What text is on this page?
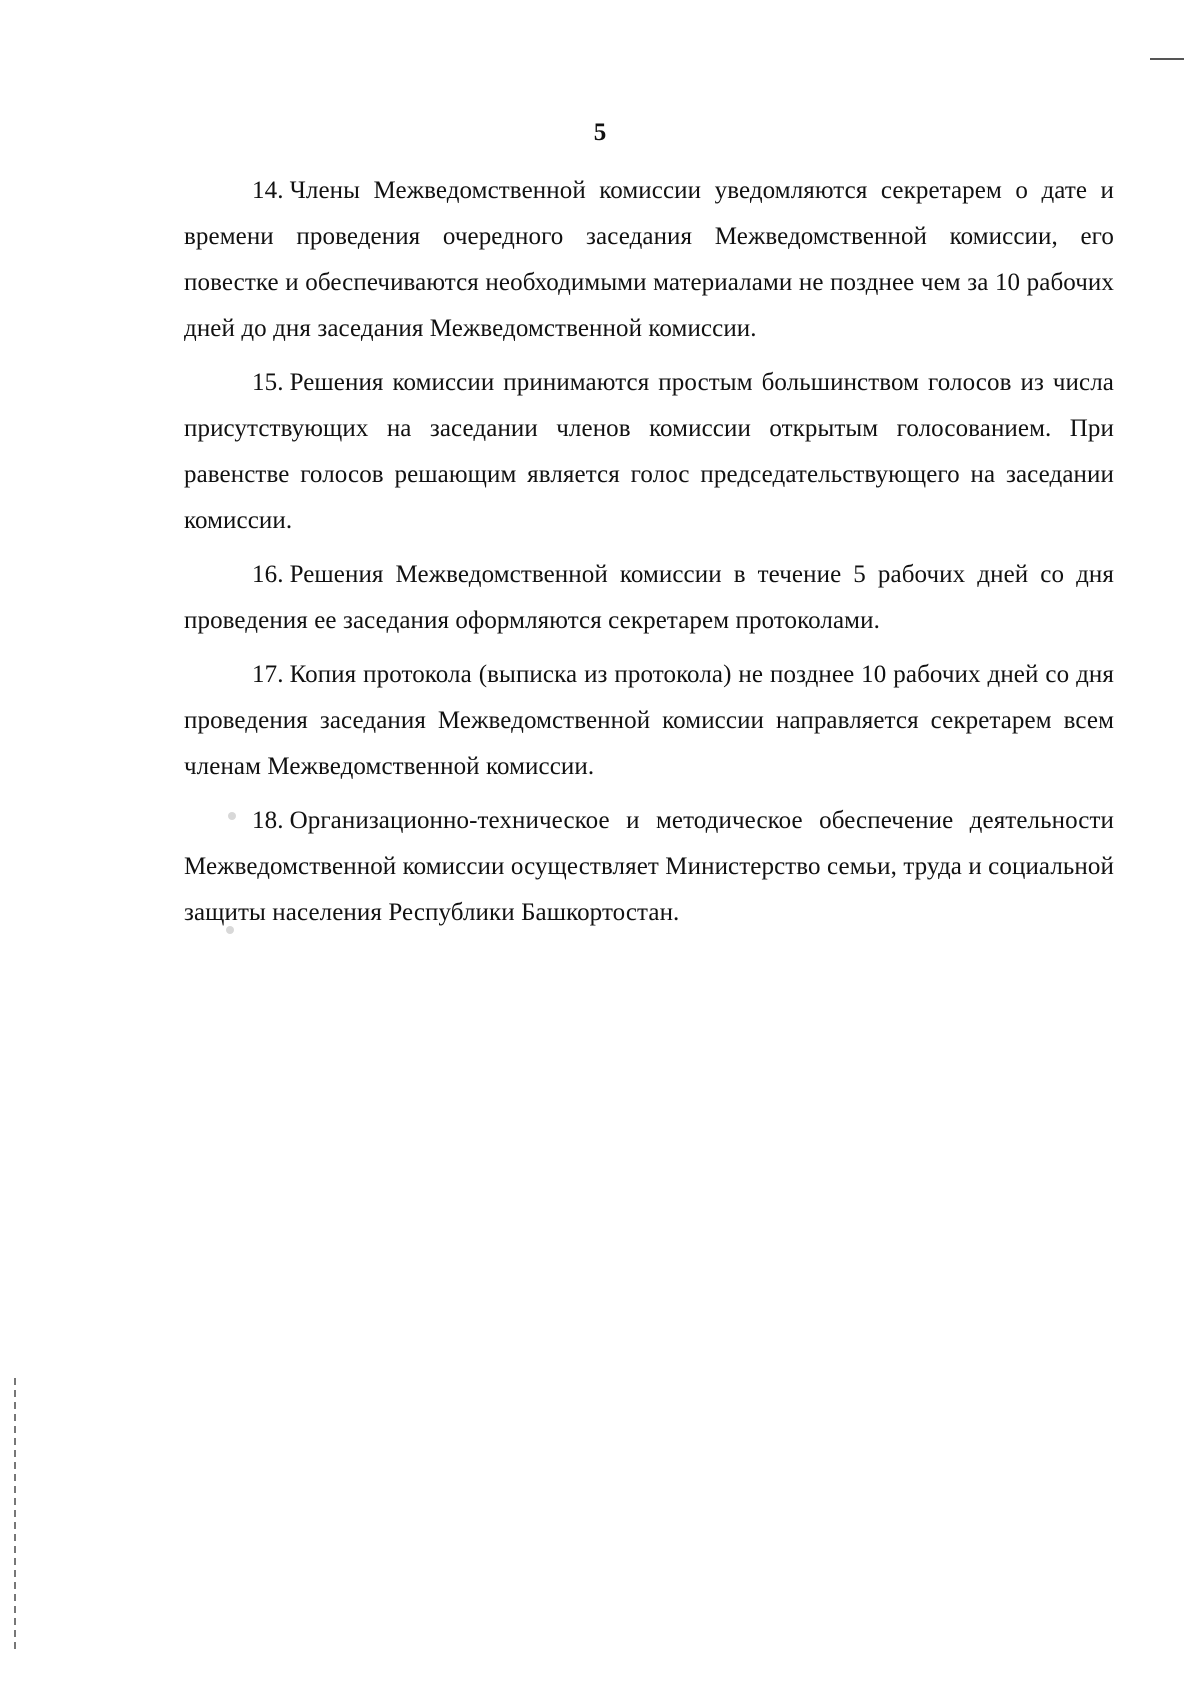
5

14. Члены Межведомственной комиссии уведомляются секретарем о дате и времени проведения очередного заседания Межведомственной комиссии, его повестке и обеспечиваются необходимыми материалами не позднее чем за 10 рабочих дней до дня заседания Межведомственной комиссии.

15. Решения комиссии принимаются простым большинством голосов из числа присутствующих на заседании членов комиссии открытым голосованием. При равенстве голосов решающим является голос председательствующего на заседании комиссии.

16. Решения Межведомственной комиссии в течение 5 рабочих дней со дня проведения ее заседания оформляются секретарем протоколами.

17. Копия протокола (выписка из протокола) не позднее 10 рабочих дней со дня проведения заседания Межведомственной комиссии направляется секретарем всем членам Межведомственной комиссии.

18. Организационно-техническое и методическое обеспечение деятельности Межведомственной комиссии осуществляет Министерство семьи, труда и социальной защиты населения Республики Башкортостан.
